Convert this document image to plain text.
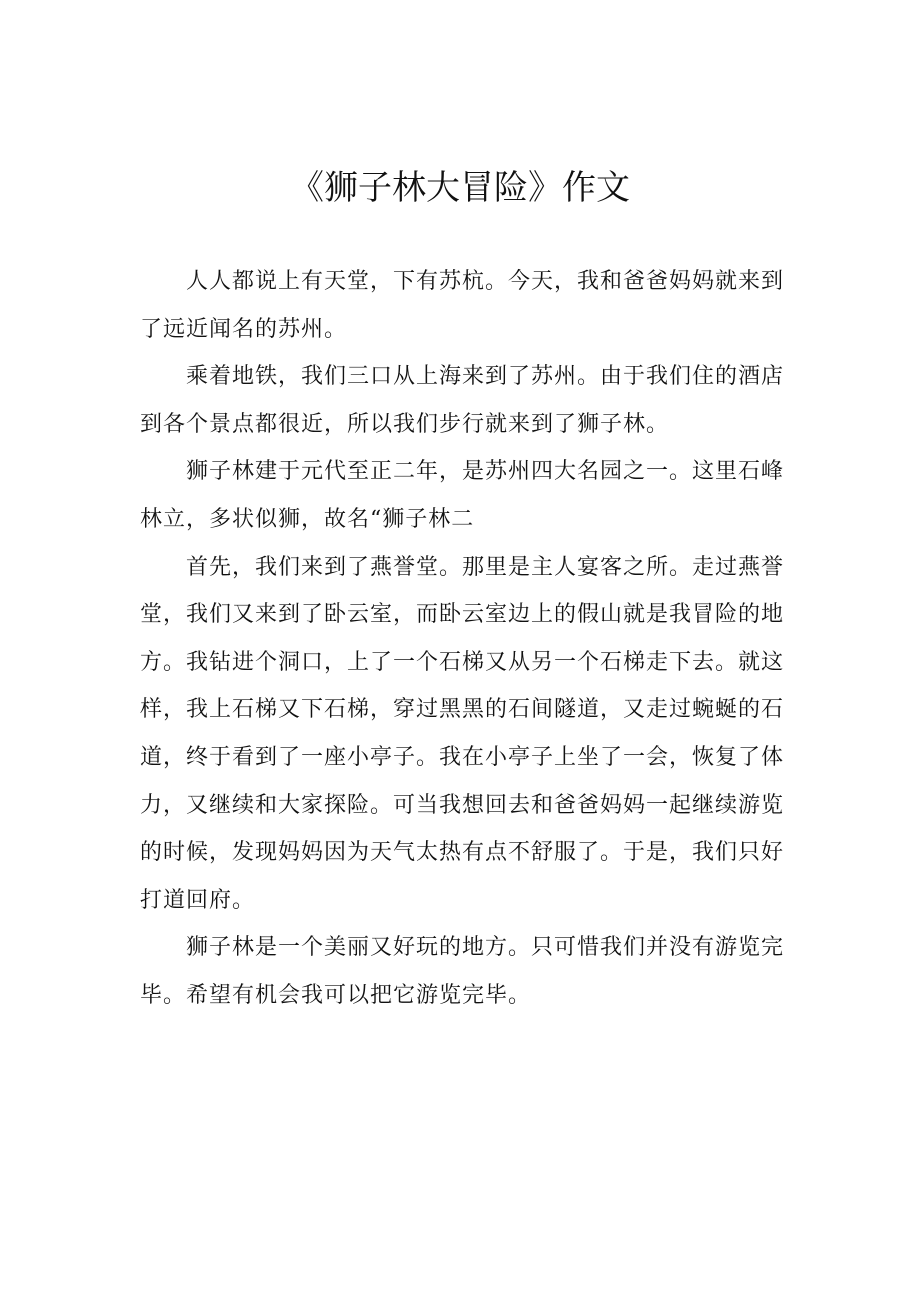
《狮子林大冒险》作文
人人都说上有天堂，下有苏杭。今天，我和爸爸妈妈就来到
了远近闻名的苏州。
乘着地铁，我们三口从上海来到了苏州。由于我们住的酒店
到各个景点都很近，所以我们步行就来到了狮子林。
狮子林建于元代至正二年，是苏州四大名园之一。这里石峰
林立，多状似狮，故名“狮子林二
首先，我们来到了燕誉堂。那里是主人宴客之所。走过燕誉
堂，我们又来到了卧云室，而卧云室边上的假山就是我冒险的地
方。我钻进个洞口，上了一个石梯又从另一个石梯走下去。就这
样，我上石梯又下石梯，穿过黑黑的石间隧道，又走过蜿蜒的石
道，终于看到了一座小亭子。我在小亭子上坐了一会，恢复了体
力，又继续和大家探险。可当我想回去和爸爸妈妈一起继续游览
的时候，发现妈妈因为天气太热有点不舒服了。于是，我们只好
打道回府。
狮子林是一个美丽又好玩的地方。只可惜我们并没有游览完
毕。希望有机会我可以把它游览完毕。
